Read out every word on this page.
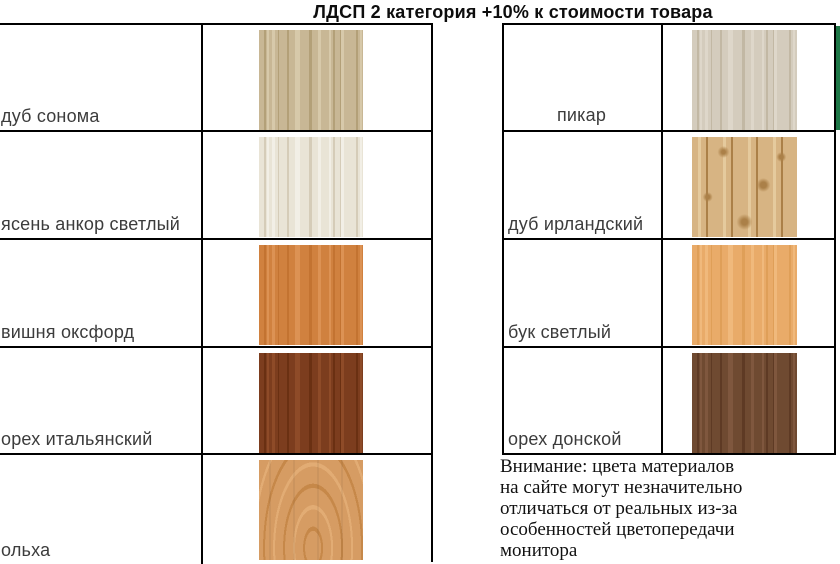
ЛДСП 2 категория +10% к стоимости товара
дуб сонома
ясень анкор светлый
вишня оксфорд
орех итальянский
ольха
пикар
дуб ирландский
бук светлый
орех донской
Внимание: цвета материалов
на сайте могут незначительно
отличаться от реальных из-за
особенностей цветопередачи
монитора
